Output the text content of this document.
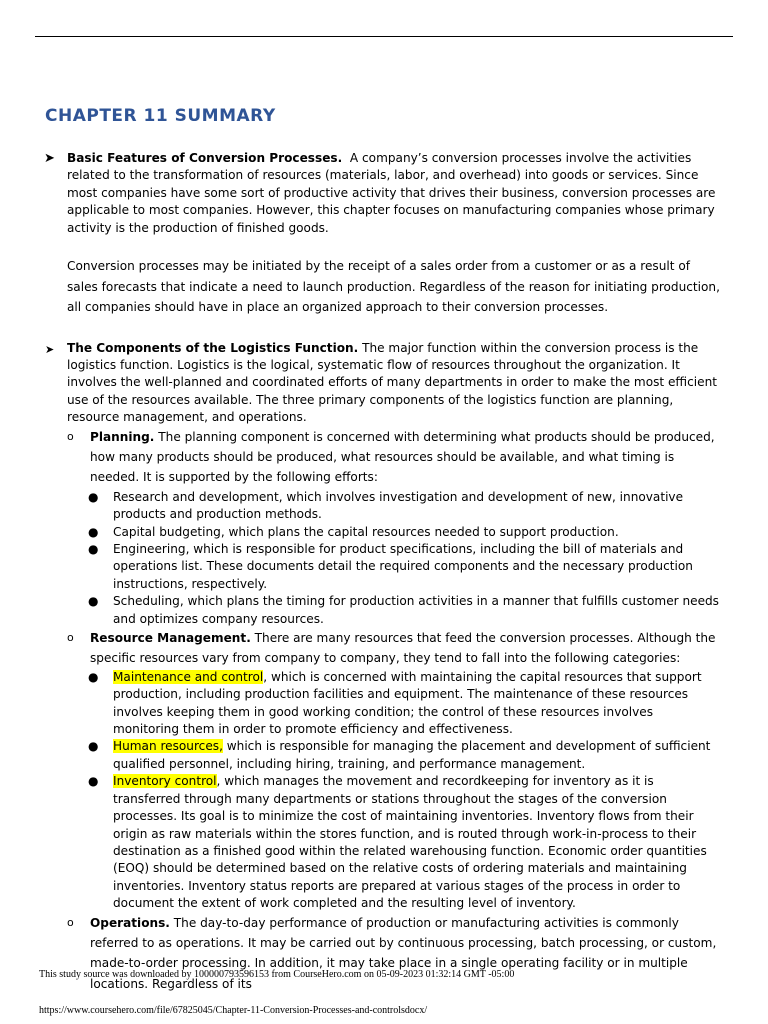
CHAPTER 11 SUMMARY
➤ Basic Features of Conversion Processes. A company’s conversion processes involve the activities related to the transformation of resources (materials, labor, and overhead) into goods or services. Since most companies have some sort of productive activity that drives their business, conversion processes are applicable to most companies. However, this chapter focuses on manufacturing companies whose primary activity is the production of finished goods.

Conversion processes may be initiated by the receipt of a sales order from a customer or as a result of sales forecasts that indicate a need to launch production. Regardless of the reason for initiating production, all companies should have in place an organized approach to their conversion processes.

➤ The Components of the Logistics Function. The major function within the conversion process is the logistics function. Logistics is the logical, systematic flow of resources throughout the organization. It involves the well-planned and coordinated efforts of many departments in order to make the most efficient use of the resources available. The three primary components of the logistics function are planning, resource management, and operations.

o Planning. The planning component is concerned with determining what products should be produced, how many products should be produced, what resources should be available, and what timing is needed. It is supported by the following efforts:

● Research and development, which involves investigation and development of new, innovative products and production methods.
● Capital budgeting, which plans the capital resources needed to support production.
● Engineering, which is responsible for product specifications, including the bill of materials and operations list. These documents detail the required components and the necessary production instructions, respectively.
● Scheduling, which plans the timing for production activities in a manner that fulfills customer needs and optimizes company resources.
o Resource Management. There are many resources that feed the conversion processes. Although the specific resources vary from company to company, they tend to fall into the following categories:

● Maintenance and control, which is concerned with maintaining the capital resources that support production, including production facilities and equipment. The maintenance of these resources involves keeping them in good working condition; the control of these resources involves monitoring them in order to promote efficiency and effectiveness.
● Human resources, which is responsible for managing the placement and development of sufficient qualified personnel, including hiring, training, and performance management.
● Inventory control, which manages the movement and recordkeeping for inventory as it is transferred through many departments or stations throughout the stages of the conversion processes. Its goal is to minimize the cost of maintaining inventories. Inventory flows from their origin as raw materials within the stores function, and is routed through work-in-process to their destination as a finished good within the related warehousing function. Economic order quantities (EOQ) should be determined based on the relative costs of ordering materials and maintaining inventories. Inventory status reports are prepared at various stages of the process in order to document the extent of work completed and the resulting level of inventory.
o Operations. The day-to-day performance of production or manufacturing activities is commonly referred to as operations. It may be carried out by continuous processing, batch processing, or custom, made-to-order processing. In addition, it may take place in a single operating facility or in multiple locations. Regardless of its

This study source was downloaded by 100000793596153 from CourseHero.com on 05-09-2023 01:32:14 GMT -05:00
https://www.coursehero.com/file/67825045/Chapter-11-Conversion-Processes-and-controlsdocx/
